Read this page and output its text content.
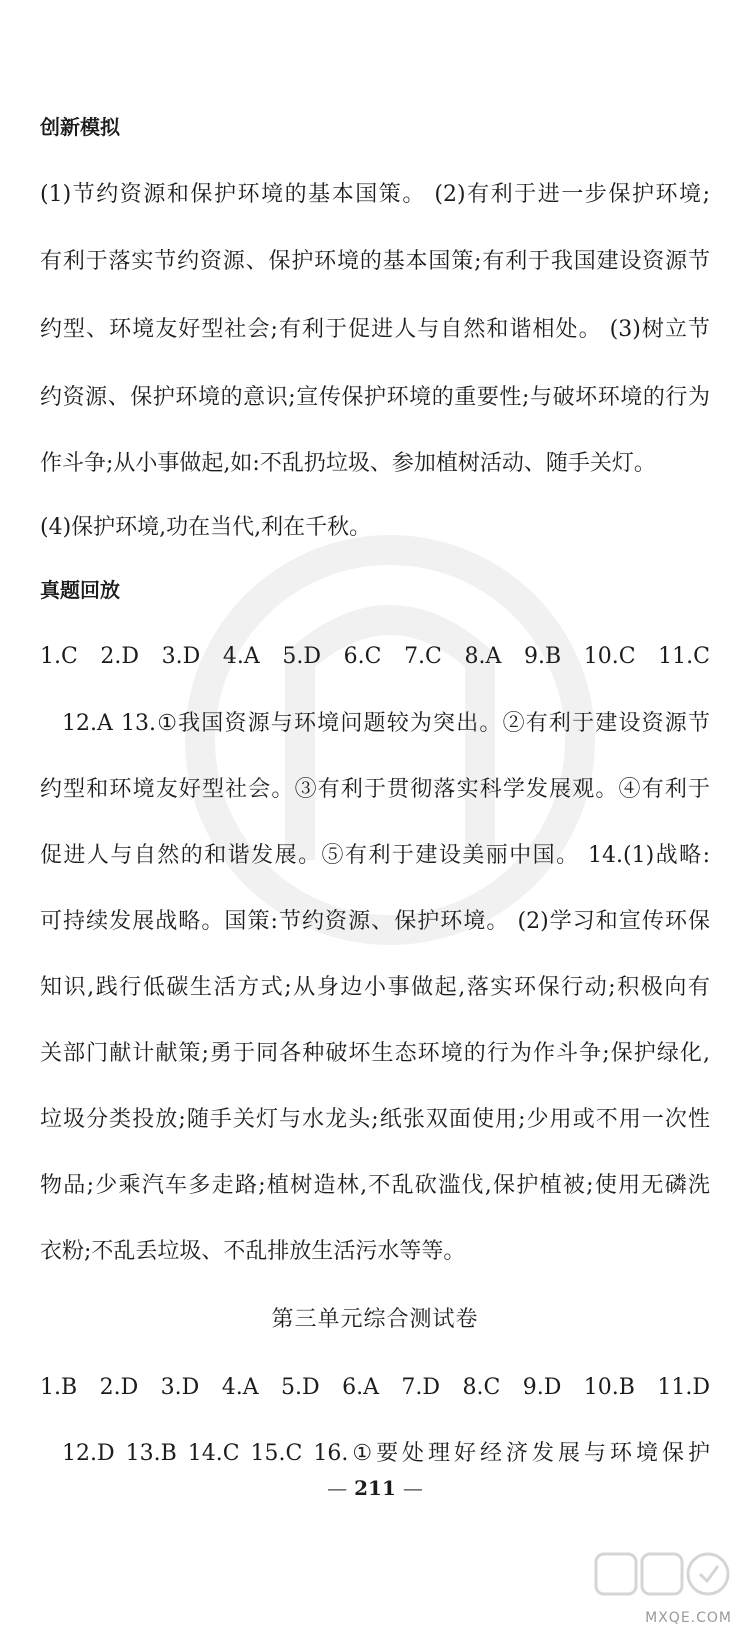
创新模拟
(1)节约资源和保护环境的基本国策。 (2)有利于进一步保护环境;
有利于落实节约资源、保护环境的基本国策;有利于我国建设资源节
约型、环境友好型社会;有利于促进人与自然和谐相处。 (3)树立节
约资源、保护环境的意识;宣传保护环境的重要性;与破坏环境的行为
作斗争;从小事做起,如:不乱扔垃圾、参加植树活动、随手关灯。
(4)保护环境,功在当代,利在千秋。
真题回放
1.C 2.D 3.D 4.A 5.D 6.C 7.C 8.A 9.B 10.C 11.C
12.A 13.①我国资源与环境问题较为突出。②有利于建设资源节
约型和环境友好型社会。③有利于贯彻落实科学发展观。④有利于
促进人与自然的和谐发展。⑤有利于建设美丽中国。 14.(1)战略:
可持续发展战略。国策:节约资源、保护环境。 (2)学习和宣传环保
知识,践行低碳生活方式;从身边小事做起,落实环保行动;积极向有
关部门献计献策;勇于同各种破坏生态环境的行为作斗争;保护绿化,
垃圾分类投放;随手关灯与水龙头;纸张双面使用;少用或不用一次性
物品;少乘汽车多走路;植树造林,不乱砍滥伐,保护植被;使用无磷洗
衣粉;不乱丢垃圾、不乱排放生活污水等等。
第三单元综合测试卷
1.B 2.D 3.D 4.A 5.D 6.A 7.D 8.C 9.D 10.B 11.D
12.D 13.B 14.C 15.C 16.①要处理好经济发展与环境保护
— 211 —
MXQE.COM
